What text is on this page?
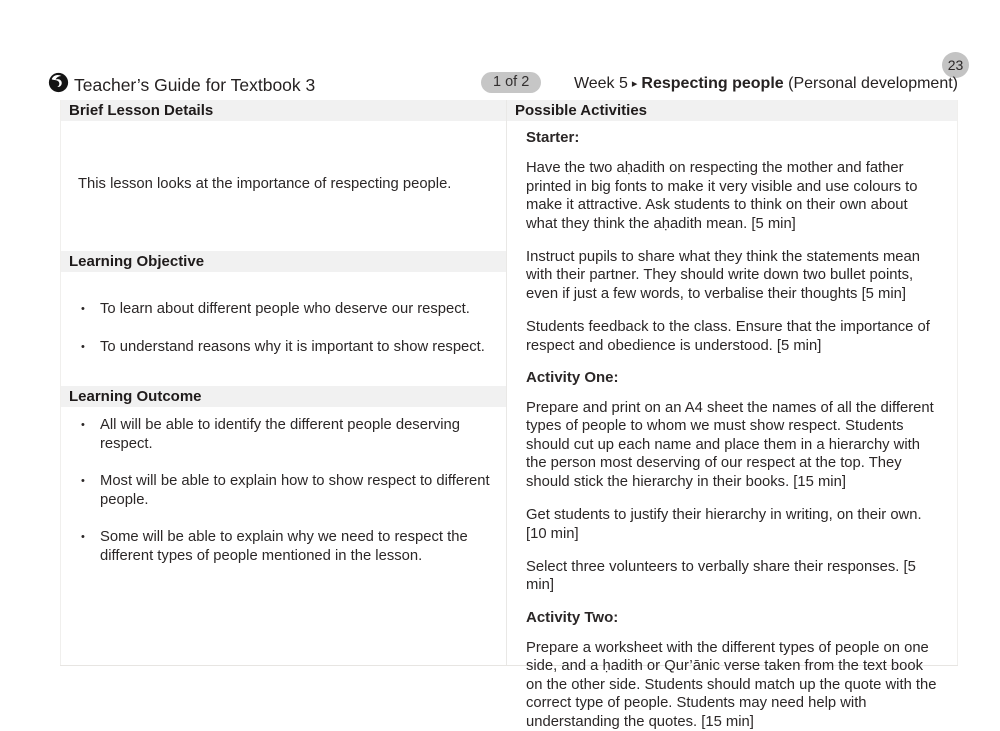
23
Teacher’s Guide for Textbook 3	1 of 2	Week 5 ▸ Respecting people (Personal development)
Brief Lesson Details

This lesson looks at the importance of respecting people.

Learning Objective
• To learn about different people who deserve our respect.
• To understand reasons why it is important to show respect.
Learning Outcome
• All will be able to identify the different people deserving respect.
• Most will be able to explain how to show respect to different people.
• Some will be able to explain why we need to respect the different types of people mentioned in the lesson.
Possible Activities
Starter:

Have the two aḥadith on respecting the mother and father printed in big fonts to make it very visible and use colours to make it attractive. Ask students to think on their own about what they think the aḥadith mean. [5 min]

Instruct pupils to share what they think the statements mean with their partner. They should write down two bullet points, even if just a few words, to verbalise their thoughts [5 min]

Students feedback to the class. Ensure that the importance of respect and obedience is understood. [5 min]

Activity One:

Prepare and print on an A4 sheet the names of all the different types of people to whom we must show respect. Students should cut up each name and place them in a hierarchy with the person most deserving of our respect at the top. They should stick the hierarchy in their books. [15 min]

Get students to justify their hierarchy in writing, on their own. [10 min]

Select three volunteers to verbally share their responses. [5 min]

Activity Two:

Prepare a worksheet with the different types of people on one side, and a ḥadith or Qur’ānic verse taken from the text book on the other side. Students should match up the quote with the correct type of people. Students may need help with understanding the quotes. [15 min]
